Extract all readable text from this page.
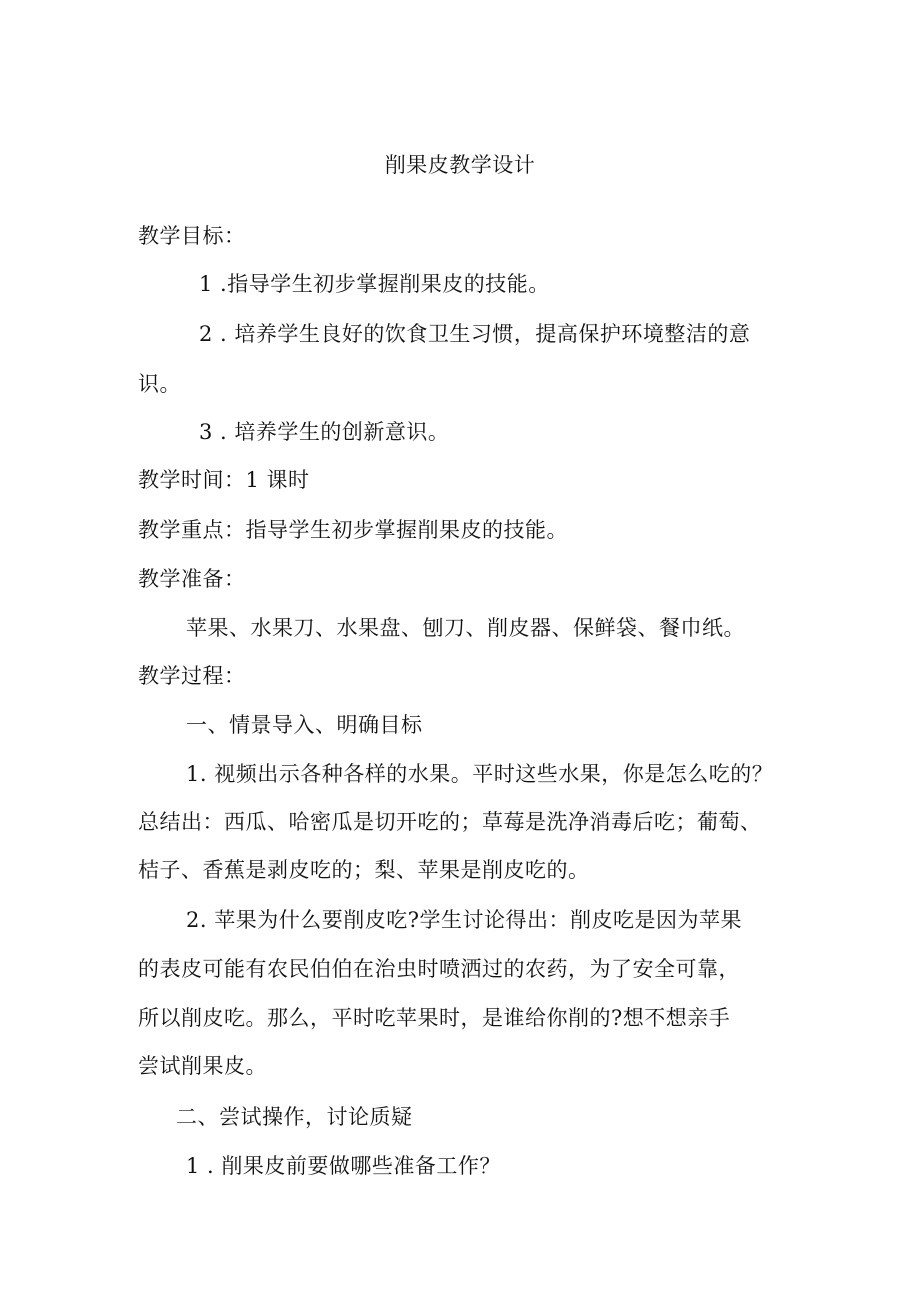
削果皮教学设计
教学目标：
1 .指导学生初步掌握削果皮的技能。
2 . 培养学生良好的饮食卫生习惯，提高保护环境整洁的意
识。
3 . 培养学生的创新意识。
教学时间：1 课时
教学重点：指导学生初步掌握削果皮的技能。
教学准备：
苹果、水果刀、水果盘、刨刀、削皮器、保鲜袋、餐巾纸。
教学过程：
一、情景导入、明确目标
1. 视频出示各种各样的水果。平时这些水果，你是怎么吃的？
总结出：西瓜、哈密瓜是切开吃的；草莓是洗净消毒后吃；葡萄、
桔子、香蕉是剥皮吃的；梨、苹果是削皮吃的。
2. 苹果为什么要削皮吃?学生讨论得出：削皮吃是因为苹果
的表皮可能有农民伯伯在治虫时喷洒过的农药，为了安全可靠，
所以削皮吃。那么，平时吃苹果时，是谁给你削的?想不想亲手
尝试削果皮。
二、尝试操作，讨论质疑
1 . 削果皮前要做哪些准备工作？
